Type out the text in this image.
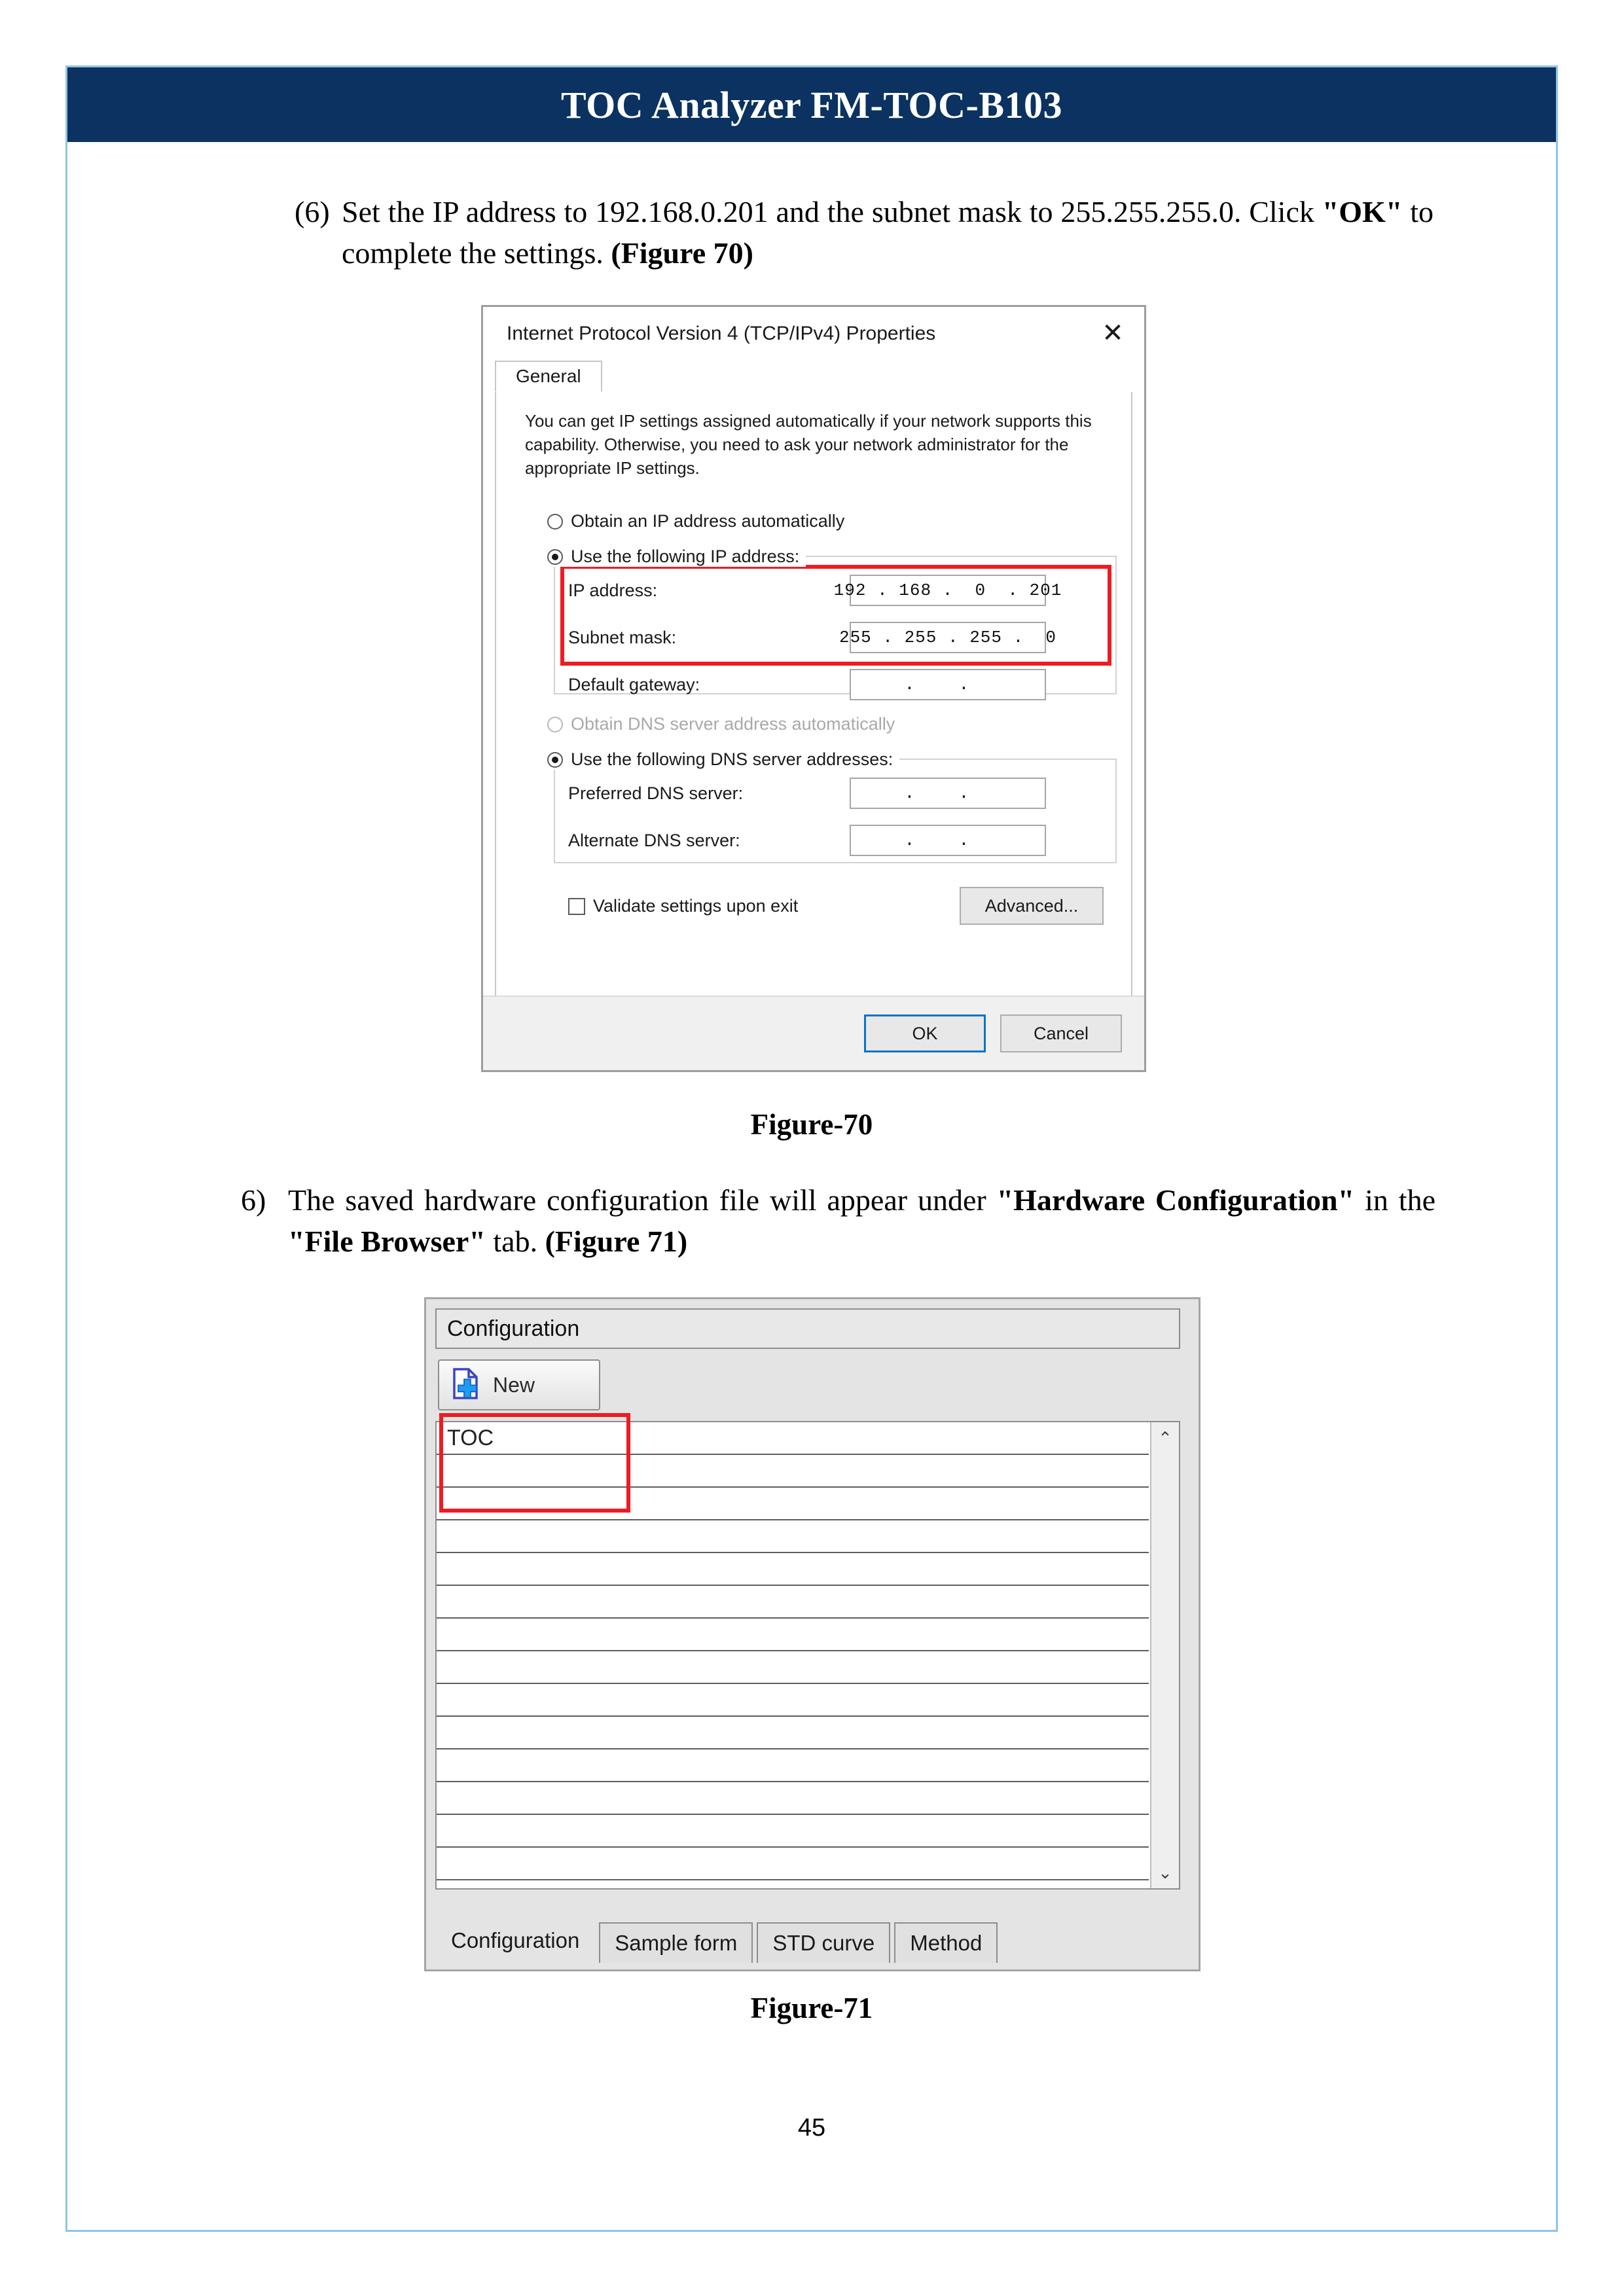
TOC Analyzer FM-TOC-B103
(6) Set the IP address to 192.168.0.201 and the subnet mask to 255.255.255.0. Click "OK" to complete the settings. (Figure 70)
Internet Protocol Version 4 (TCP/IPv4) Properties	✕
General
You can get IP settings assigned automatically if your network supports this capability. Otherwise, you need to ask your network administrator for the appropriate IP settings.
Obtain an IP address automatically
Use the following IP address:
IP address:	192 . 168 .  0  . 201
Subnet mask:	255 . 255 . 255 .  0
Default gateway:	.    .
Obtain DNS server address automatically
Use the following DNS server addresses:
Preferred DNS server:	.    .
Alternate DNS server:	.    .
Validate settings upon exit	Advanced...
OK	Cancel
Figure-70
6) The saved hardware configuration file will appear under "Hardware Configuration" in the "File Browser" tab. (Figure 71)
Configuration
New
TOC	⌃
⌄
Configuration	Sample form	STD curve	Method
Figure-71
45
